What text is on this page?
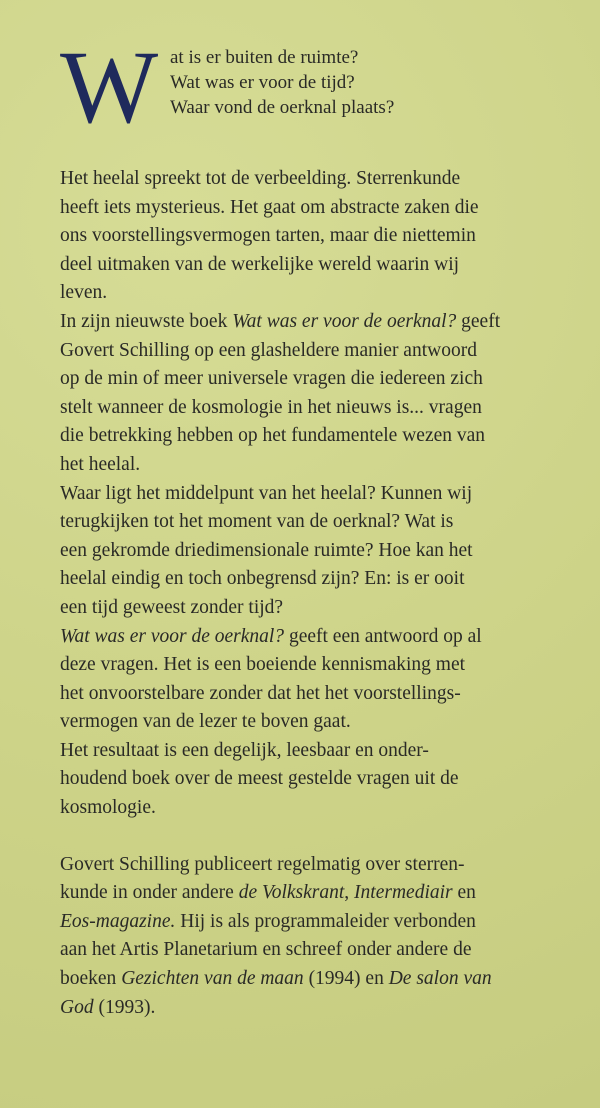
W at is er buiten de ruimte?
Wat was er voor de tijd?
Waar vond de oerknal plaats?
Het heelal spreekt tot de verbeelding. Sterrenkunde
heeft iets mysterieus. Het gaat om abstracte zaken die
ons voorstellingsvermogen tarten, maar die niettemin
deel uitmaken van de werkelijke wereld waarin wij
leven.
In zijn nieuwste boek Wat was er voor de oerknal? geeft
Govert Schilling op een glasheldere manier antwoord
op de min of meer universele vragen die iedereen zich
stelt wanneer de kosmologie in het nieuws is... vragen
die betrekking hebben op het fundamentele wezen van
het heelal.
Waar ligt het middelpunt van het heelal? Kunnen wij
terugkijken tot het moment van de oerknal? Wat is
een gekromde driedimensionale ruimte? Hoe kan het
heelal eindig en toch onbegrensd zijn? En: is er ooit
een tijd geweest zonder tijd?
Wat was er voor de oerknal? geeft een antwoord op al
deze vragen. Het is een boeiende kennismaking met
het onvoorstelbare zonder dat het het voorstellings-
vermogen van de lezer te boven gaat.
Het resultaat is een degelijk, leesbaar en onder-
houdend boek over de meest gestelde vragen uit de
kosmologie.
Govert Schilling publiceert regelmatig over sterren-
kunde in onder andere de Volkskrant, Intermediair en
Eos-magazine. Hij is als programmaleider verbonden
aan het Artis Planetarium en schreef onder andere de
boeken Gezichten van de maan (1994) en De salon van
God (1993).
